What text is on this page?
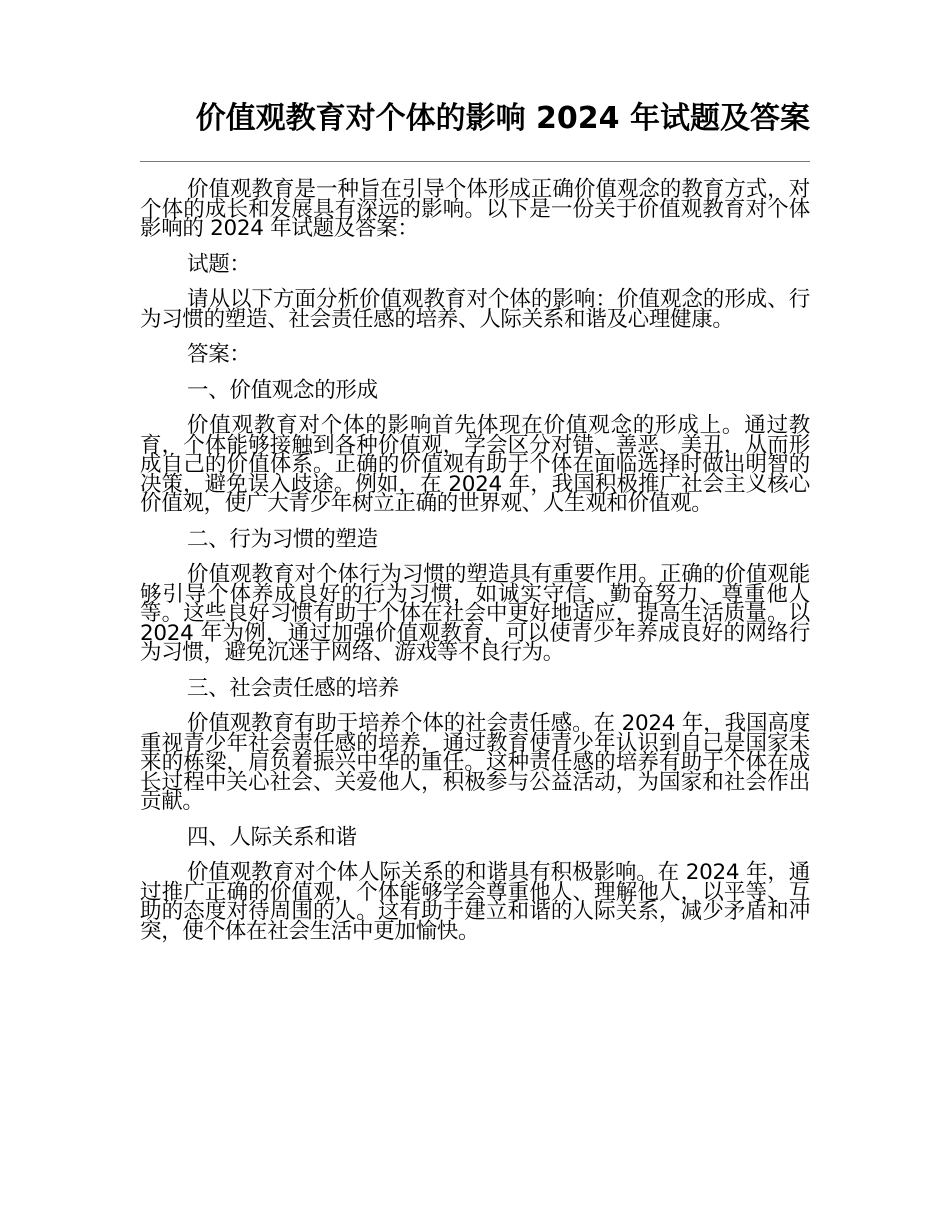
价值观教育对个体的影响 2024 年试题及答案

价值观教育是一种旨在引导个体形成正确价值观念的教育方式，对个体的成长和发展具有深远的影响。以下是一份关于价值观教育对个体影响的 2024 年试题及答案：

试题：

请从以下方面分析价值观教育对个体的影响：价值观念的形成、行为习惯的塑造、社会责任感的培养、人际关系和谐及心理健康。

答案：

一、价值观念的形成

价值观教育对个体的影响首先体现在价值观念的形成上。通过教育，个体能够接触到各种价值观，学会区分对错、善恶、美丑，从而形成自己的价值体系。正确的价值观有助于个体在面临选择时做出明智的决策，避免误入歧途。例如，在 2024 年，我国积极推广社会主义核心价值观，使广大青少年树立正确的世界观、人生观和价值观。

二、行为习惯的塑造

价值观教育对个体行为习惯的塑造具有重要作用。正确的价值观能够引导个体养成良好的行为习惯，如诚实守信、勤奋努力、尊重他人等。这些良好习惯有助于个体在社会中更好地适应，提高生活质量。以 2024 年为例，通过加强价值观教育，可以使青少年养成良好的网络行为习惯，避免沉迷于网络、游戏等不良行为。

三、社会责任感的培养

价值观教育有助于培养个体的社会责任感。在 2024 年，我国高度重视青少年社会责任感的培养，通过教育使青少年认识到自己是国家未来的栋梁，肩负着振兴中华的重任。这种责任感的培养有助于个体在成长过程中关心社会、关爱他人，积极参与公益活动，为国家和社会作出贡献。

四、人际关系和谐

价值观教育对个体人际关系的和谐具有积极影响。在 2024 年，通过推广正确的价值观，个体能够学会尊重他人、理解他人，以平等、互助的态度对待周围的人。这有助于建立和谐的人际关系，减少矛盾和冲突，使个体在社会生活中更加愉快。
